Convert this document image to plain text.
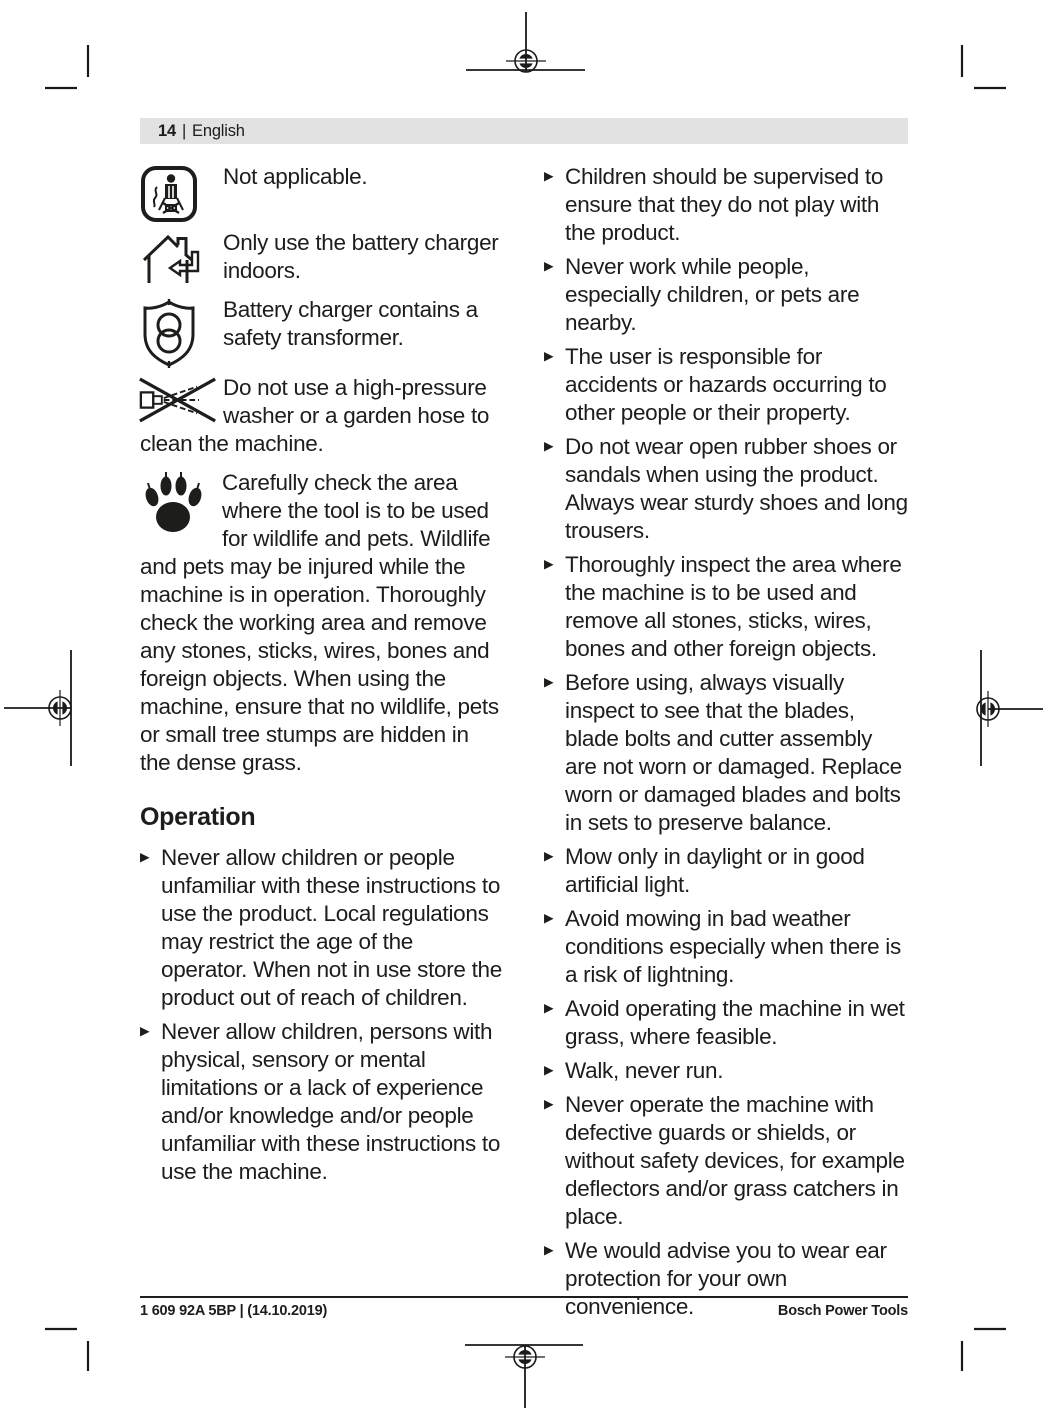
14 | English
Not applicable.
Only use the battery charger indoors.
Battery charger contains a safety transformer.
Do not use a high-pressure washer or a garden hose to clean the machine.
Carefully check the area where the tool is to be used for wildlife and pets. Wildlife and pets may be injured while the machine is in operation. Thoroughly check the working area and remove any stones, sticks, wires, bones and foreign objects. When using the machine, ensure that no wildlife, pets or small tree stumps are hidden in the dense grass.
Operation
▶ Never allow children or people unfamiliar with these instructions to use the product. Local regulations may restrict the age of the operator. When not in use store the product out of reach of children.
▶ Never allow children, persons with physical, sensory or mental limitations or a lack of experience and/or knowledge and/or people unfamiliar with these instructions to use the machine.
▶ Children should be supervised to ensure that they do not play with the product.
▶ Never work while people, especially children, or pets are nearby.
▶ The user is responsible for accidents or hazards occurring to other people or their property.
▶ Do not wear open rubber shoes or sandals when using the product. Always wear sturdy shoes and long trousers.
▶ Thoroughly inspect the area where the machine is to be used and remove all stones, sticks, wires, bones and other foreign objects.
▶ Before using, always visually inspect to see that the blades, blade bolts and cutter assembly are not worn or damaged. Replace worn or damaged blades and bolts in sets to preserve balance.
▶ Mow only in daylight or in good artificial light.
▶ Avoid mowing in bad weather conditions especially when there is a risk of lightning.
▶ Avoid operating the machine in wet grass, where feasible.
▶ Walk, never run.
▶ Never operate the machine with defective guards or shields, or without safety devices, for example deflectors and/or grass catchers in place.
▶ We would advise you to wear ear protection for your own convenience.
1 609 92A 5BP | (14.10.2019)	Bosch Power Tools
